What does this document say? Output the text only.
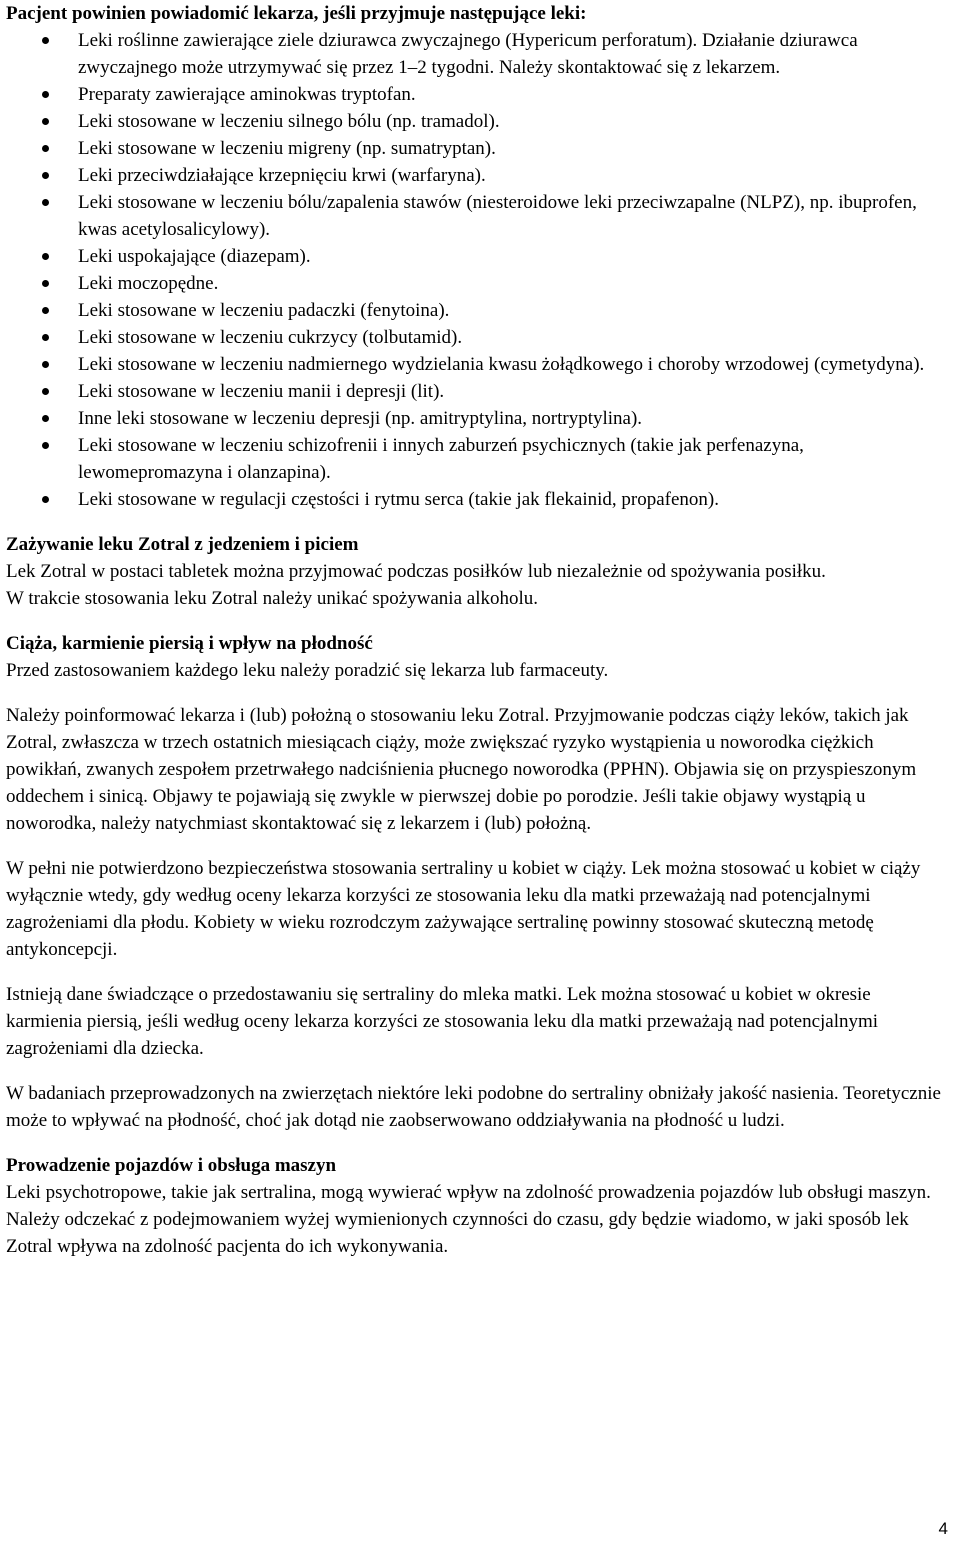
Pacjent powinien powiadomić lekarza, jeśli przyjmuje następujące leki:

Leki roślinne zawierające ziele dziurawca zwyczajnego (Hypericum perforatum). Działanie dziurawca zwyczajnego może utrzymywać się przez 1–2 tygodni. Należy skontaktować się z lekarzem.
Preparaty zawierające aminokwas tryptofan.
Leki stosowane w leczeniu silnego bólu (np. tramadol).
Leki stosowane w leczeniu migreny (np. sumatryptan).
Leki przeciwdziałające krzepnięciu krwi (warfaryna).
Leki stosowane w leczeniu bólu/zapalenia stawów (niesteroidowe leki przeciwzapalne (NLPZ), np. ibuprofen, kwas acetylosalicylowy).
Leki uspokajające (diazepam).
Leki moczopędne.
Leki stosowane w leczeniu padaczki (fenytoina).
Leki stosowane w leczeniu cukrzycy (tolbutamid).
Leki stosowane w leczeniu nadmiernego wydzielania kwasu żołądkowego i choroby wrzodowej (cymetydyna).
Leki stosowane w leczeniu manii i depresji (lit).
Inne leki stosowane w leczeniu depresji (np. amitryptylina, nortryptylina).
Leki stosowane w leczeniu schizofrenii i innych zaburzeń psychicznych (takie jak perfenazyna, lewomepromazyna i olanzapina).
Leki stosowane w regulacji częstości i rytmu serca (takie jak flekainid, propafenon).

Zażywanie leku Zotral z jedzeniem i piciem

Lek Zotral w postaci tabletek można przyjmować podczas posiłków lub niezależnie od spożywania posiłku.

W trakcie stosowania leku Zotral należy unikać spożywania alkoholu.

Ciąża, karmienie piersią i wpływ na płodność

Przed zastosowaniem każdego leku należy poradzić się lekarza lub farmaceuty.

Należy poinformować lekarza i (lub) położną o stosowaniu leku Zotral. Przyjmowanie podczas ciąży leków, takich jak Zotral, zwłaszcza w trzech ostatnich miesiącach ciąży, może zwiększać ryzyko wystąpienia u noworodka ciężkich powikłań, zwanych zespołem przetrwałego nadciśnienia płucnego noworodka (PPHN). Objawia się on przyspieszonym oddechem i sinicą. Objawy te pojawiają się zwykle w pierwszej dobie po porodzie. Jeśli takie objawy wystąpią u noworodka, należy natychmiast skontaktować się z lekarzem i (lub) położną.

W pełni nie potwierdzono bezpieczeństwa stosowania sertraliny u kobiet w ciąży. Lek można stosować u kobiet w ciąży wyłącznie wtedy, gdy według oceny lekarza korzyści ze stosowania leku dla matki przeważają nad potencjalnymi zagrożeniami dla płodu. Kobiety w wieku rozrodczym zażywające sertralinę powinny stosować skuteczną metodę antykoncepcji.

Istnieją dane świadczące o przedostawaniu się sertraliny do mleka matki. Lek można stosować u kobiet w okresie karmienia piersią, jeśli według oceny lekarza korzyści ze stosowania leku dla matki przeważają nad potencjalnymi zagrożeniami dla dziecka.

W badaniach przeprowadzonych na zwierzętach niektóre leki podobne do sertraliny obniżały jakość nasienia. Teoretycznie może to wpływać na płodność, choć jak dotąd nie zaobserwowano oddziaływania na płodność u ludzi.

Prowadzenie pojazdów i obsługa maszyn

Leki psychotropowe, takie jak sertralina, mogą wywierać wpływ na zdolność prowadzenia pojazdów lub obsługi maszyn. Należy odczekać z podejmowaniem wyżej wymienionych czynności do czasu, gdy będzie wiadomo, w jaki sposób lek Zotral wpływa na zdolność pacjenta do ich wykonywania.

4
